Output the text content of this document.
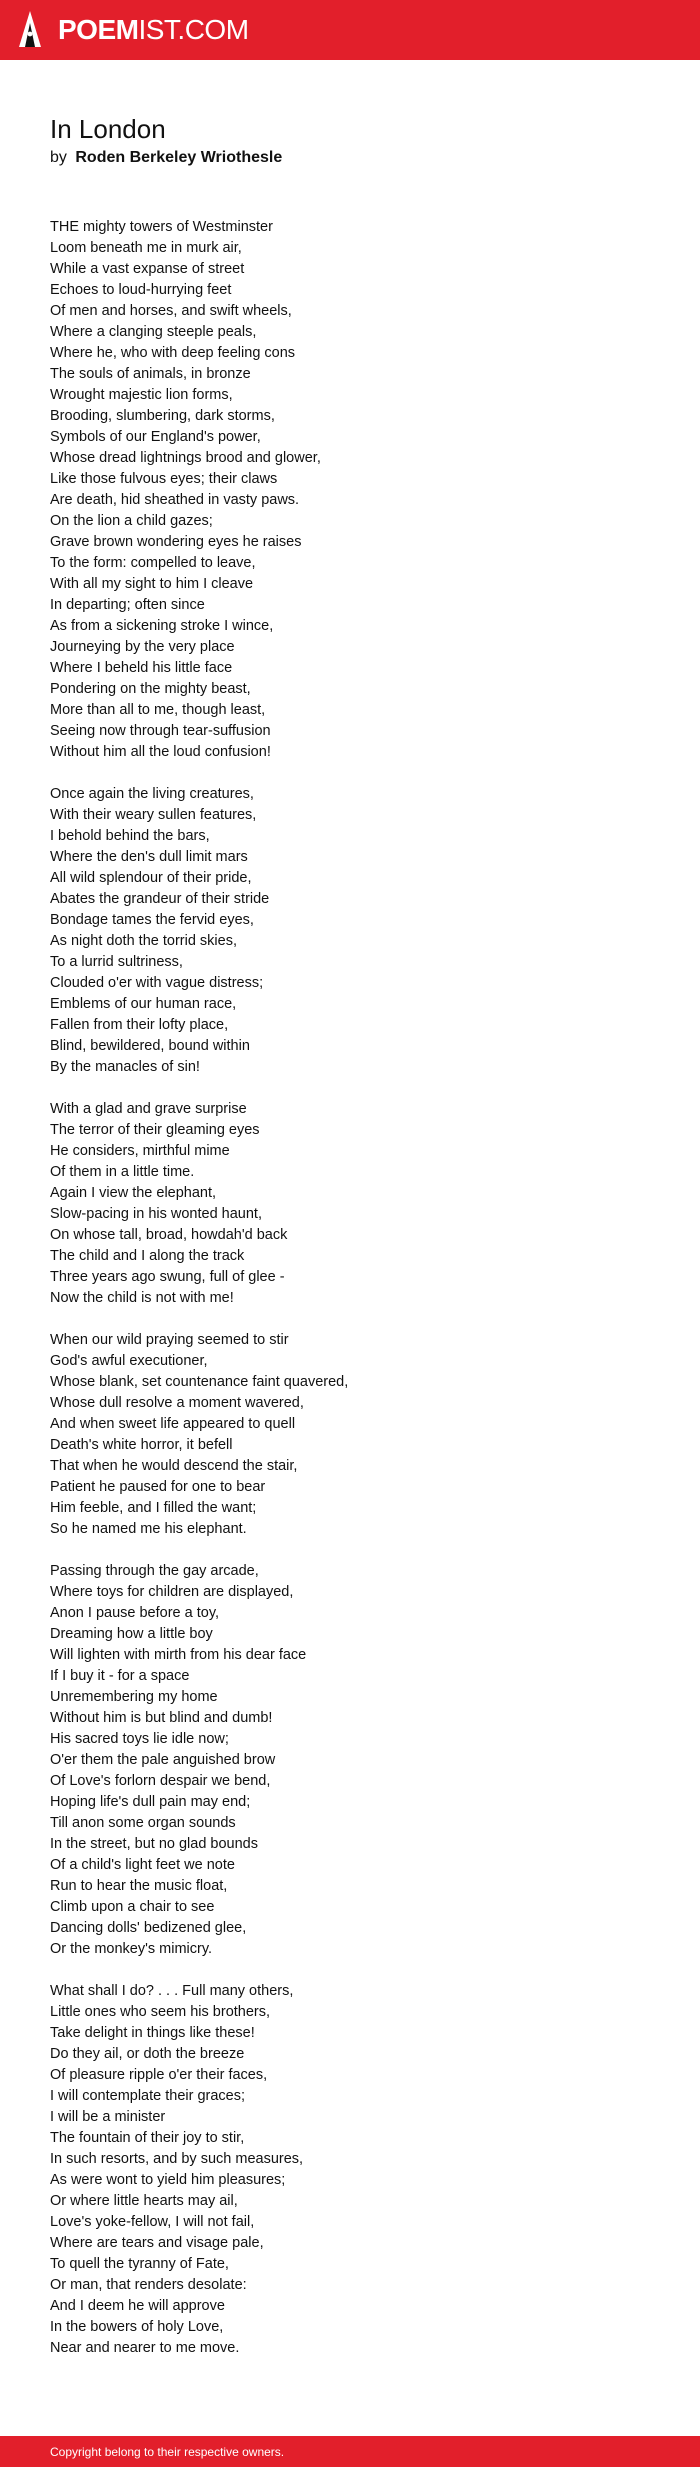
POEMIST.COM
In London
by Roden Berkeley Wriothesle
THE mighty towers of Westminster
Loom beneath me in murk air,
While a vast expanse of street
Echoes to loud-hurrying feet
Of men and horses, and swift wheels,
Where a clanging steeple peals,
Where he, who with deep feeling cons
The souls of animals, in bronze
Wrought majestic lion forms,
Brooding, slumbering, dark storms,
Symbols of our England's power,
Whose dread lightnings brood and glower,
Like those fulvous eyes; their claws
Are death, hid sheathed in vasty paws.
On the lion a child gazes;
Grave brown wondering eyes he raises
To the form: compelled to leave,
With all my sight to him I cleave
In departing; often since
As from a sickening stroke I wince,
Journeying by the very place
Where I beheld his little face
Pondering on the mighty beast,
More than all to me, though least,
Seeing now through tear-suffusion
Without him all the loud confusion!
Once again the living creatures,
With their weary sullen features,
I behold behind the bars,
Where the den's dull limit mars
All wild splendour of their pride,
Abates the grandeur of their stride
Bondage tames the fervid eyes,
As night doth the torrid skies,
To a lurrid sultriness,
Clouded o'er with vague distress;
Emblems of our human race,
Fallen from their lofty place,
Blind, bewildered, bound within
By the manacles of sin!
With a glad and grave surprise
The terror of their gleaming eyes
He considers, mirthful mime
Of them in a little time.
Again I view the elephant,
Slow-pacing in his wonted haunt,
On whose tall, broad, howdah'd back
The child and I along the track
Three years ago swung, full of glee -
Now the child is not with me!
When our wild praying seemed to stir
God's awful executioner,
Whose blank, set countenance faint quavered,
Whose dull resolve a moment wavered,
And when sweet life appeared to quell
Death's white horror, it befell
That when he would descend the stair,
Patient he paused for one to bear
Him feeble, and I filled the want;
So he named me his elephant.
Passing through the gay arcade,
Where toys for children are displayed,
Anon I pause before a toy,
Dreaming how a little boy
Will lighten with mirth from his dear face
If I buy it - for a space
Unremembering my home
Without him is but blind and dumb!
His sacred toys lie idle now;
O'er them the pale anguished brow
Of Love's forlorn despair we bend,
Hoping life's dull pain may end;
Till anon some organ sounds
In the street, but no glad bounds
Of a child's light feet we note
Run to hear the music float,
Climb upon a chair to see
Dancing dolls' bedizened glee,
Or the monkey's mimicry.
What shall I do? . . . Full many others,
Little ones who seem his brothers,
Take delight in things like these!
Do they ail, or doth the breeze
Of pleasure ripple o'er their faces,
I will contemplate their graces;
I will be a minister
The fountain of their joy to stir,
In such resorts, and by such measures,
As were wont to yield him pleasures;
Or where little hearts may ail,
Love's yoke-fellow, I will not fail,
Where are tears and visage pale,
To quell the tyranny of Fate,
Or man, that renders desolate:
And I deem he will approve
In the bowers of holy Love,
Near and nearer to me move.
Copyright belong to their respective owners.
